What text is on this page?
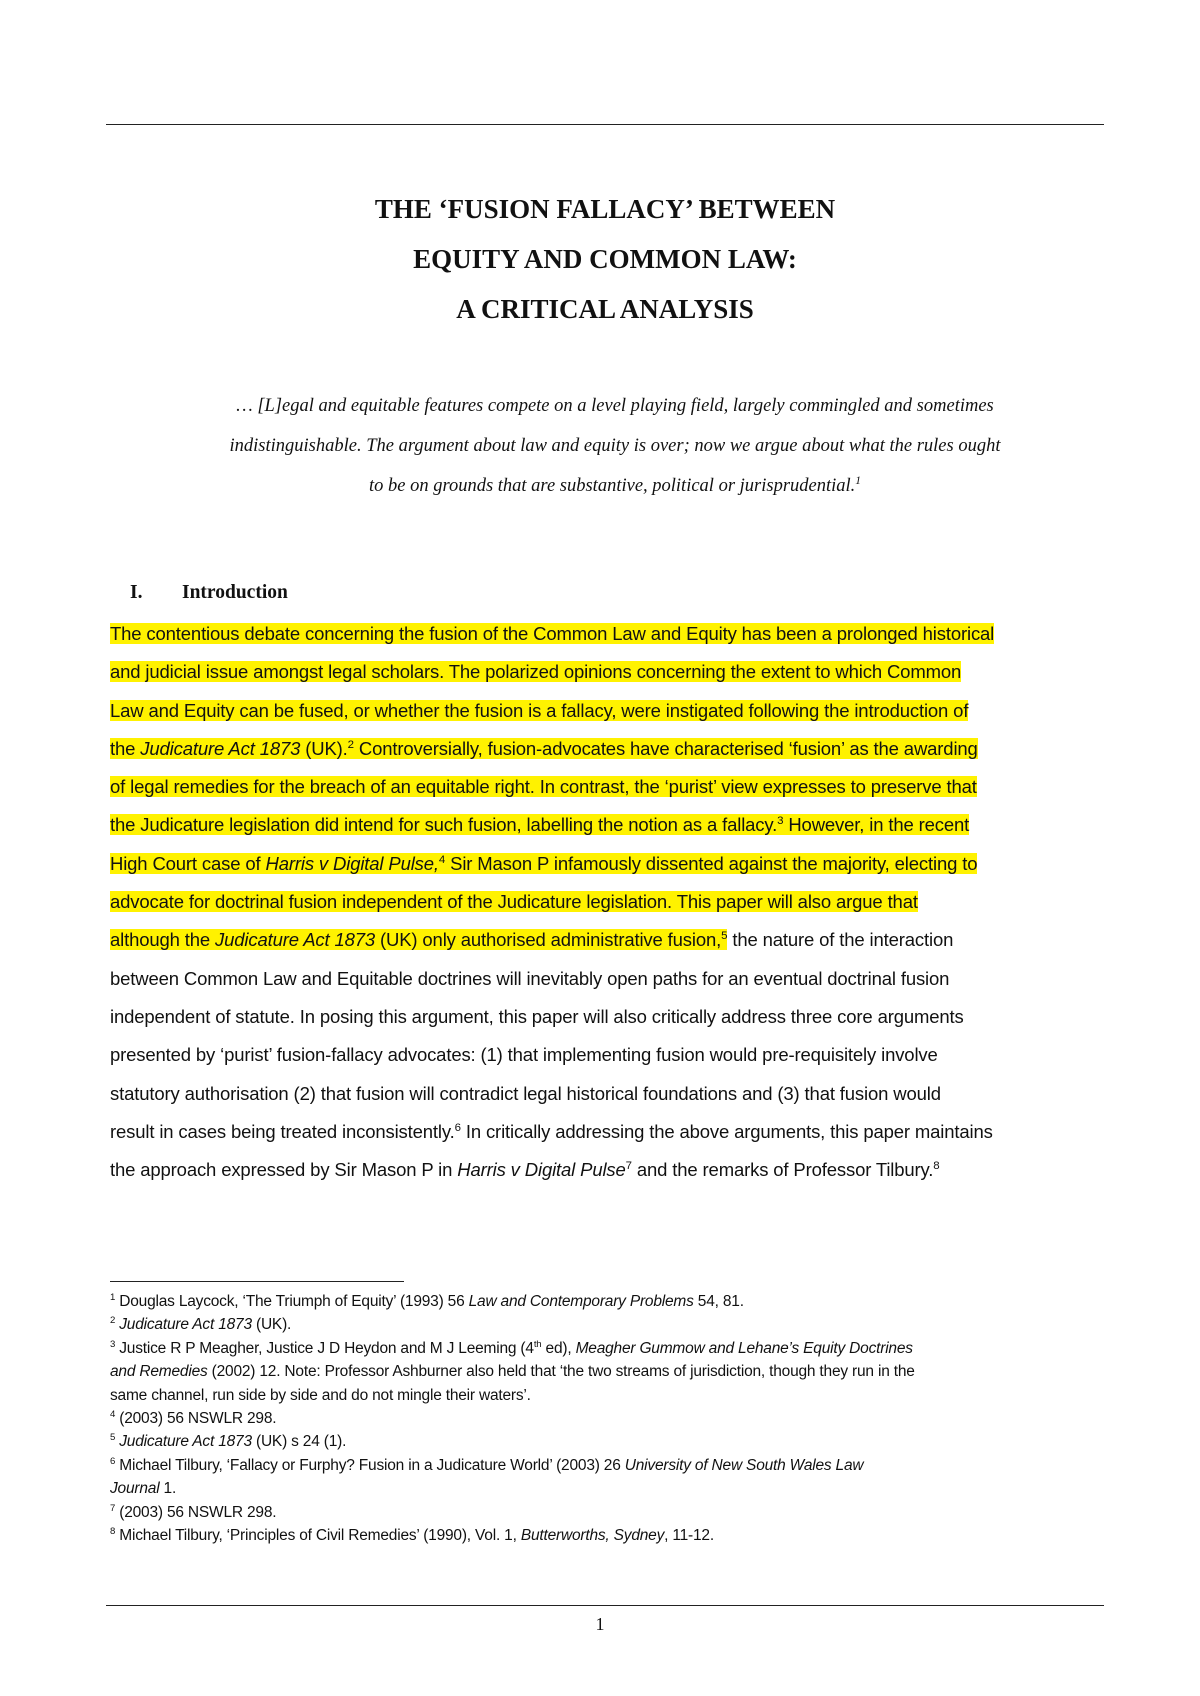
THE ‘FUSION FALLACY’ BETWEEN
EQUITY AND COMMON LAW:
A CRITICAL ANALYSIS

… [L]egal and equitable features compete on a level playing field, largely commingled and sometimes
indistinguishable. The argument about law and equity is over; now we argue about what the rules ought
to be on grounds that are substantive, political or jurisprudential.$^1$

I. Introduction

The contentious debate concerning the fusion of the Common Law and Equity has been a prolonged historical
and judicial issue amongst legal scholars. The polarized opinions concerning the extent to which Common
Law and Equity can be fused, or whether the fusion is a fallacy, were instigated following the introduction of
the Judicature Act 1873 (UK).$^2$ Controversially, fusion-advocates have characterised ‘fusion’ as the awarding
of legal remedies for the breach of an equitable right. In contrast, the ‘purist’ view expresses to preserve that
the Judicature legislation did intend for such fusion, labelling the notion as a fallacy.$^3$ However, in the recent
High Court case of Harris v Digital Pulse,$^4$ Sir Mason P infamously dissented against the majority, electing to
advocate for doctrinal fusion independent of the Judicature legislation. This paper will also argue that
although the Judicature Act 1873 (UK) only authorised administrative fusion,$^5$ the nature of the interaction
between Common Law and Equitable doctrines will inevitably open paths for an eventual doctrinal fusion
independent of statute. In posing this argument, this paper will also critically address three core arguments
presented by ‘purist’ fusion-fallacy advocates: (1) that implementing fusion would pre-requisitely involve
statutory authorisation (2) that fusion will contradict legal historical foundations and (3) that fusion would
result in cases being treated inconsistently.$^6$ In critically addressing the above arguments, this paper maintains
the approach expressed by Sir Mason P in Harris v Digital Pulse$^7$ and the remarks of Professor Tilbury.$^8$

$^1$ Douglas Laycock, ‘The Triumph of Equity’ (1993) 56 Law and Contemporary Problems 54, 81.
$^2$ Judicature Act 1873 (UK).
$^3$ Justice R P Meagher, Justice J D Heydon and M J Leeming (4th ed), Meagher Gummow and Lehane’s Equity Doctrines
and Remedies (2002) 12. Note: Professor Ashburner also held that ‘the two streams of jurisdiction, though they run in the
same channel, run side by side and do not mingle their waters’.
$^4$ (2003) 56 NSWLR 298.
$^5$ Judicature Act 1873 (UK) s 24 (1).
$^6$ Michael Tilbury, ‘Fallacy or Furphy? Fusion in a Judicature World’ (2003) 26 University of New South Wales Law
Journal 1.
$^7$ (2003) 56 NSWLR 298.
$^8$ Michael Tilbury, ‘Principles of Civil Remedies’ (1990), Vol. 1, Butterworths, Sydney, 11-12.
1
